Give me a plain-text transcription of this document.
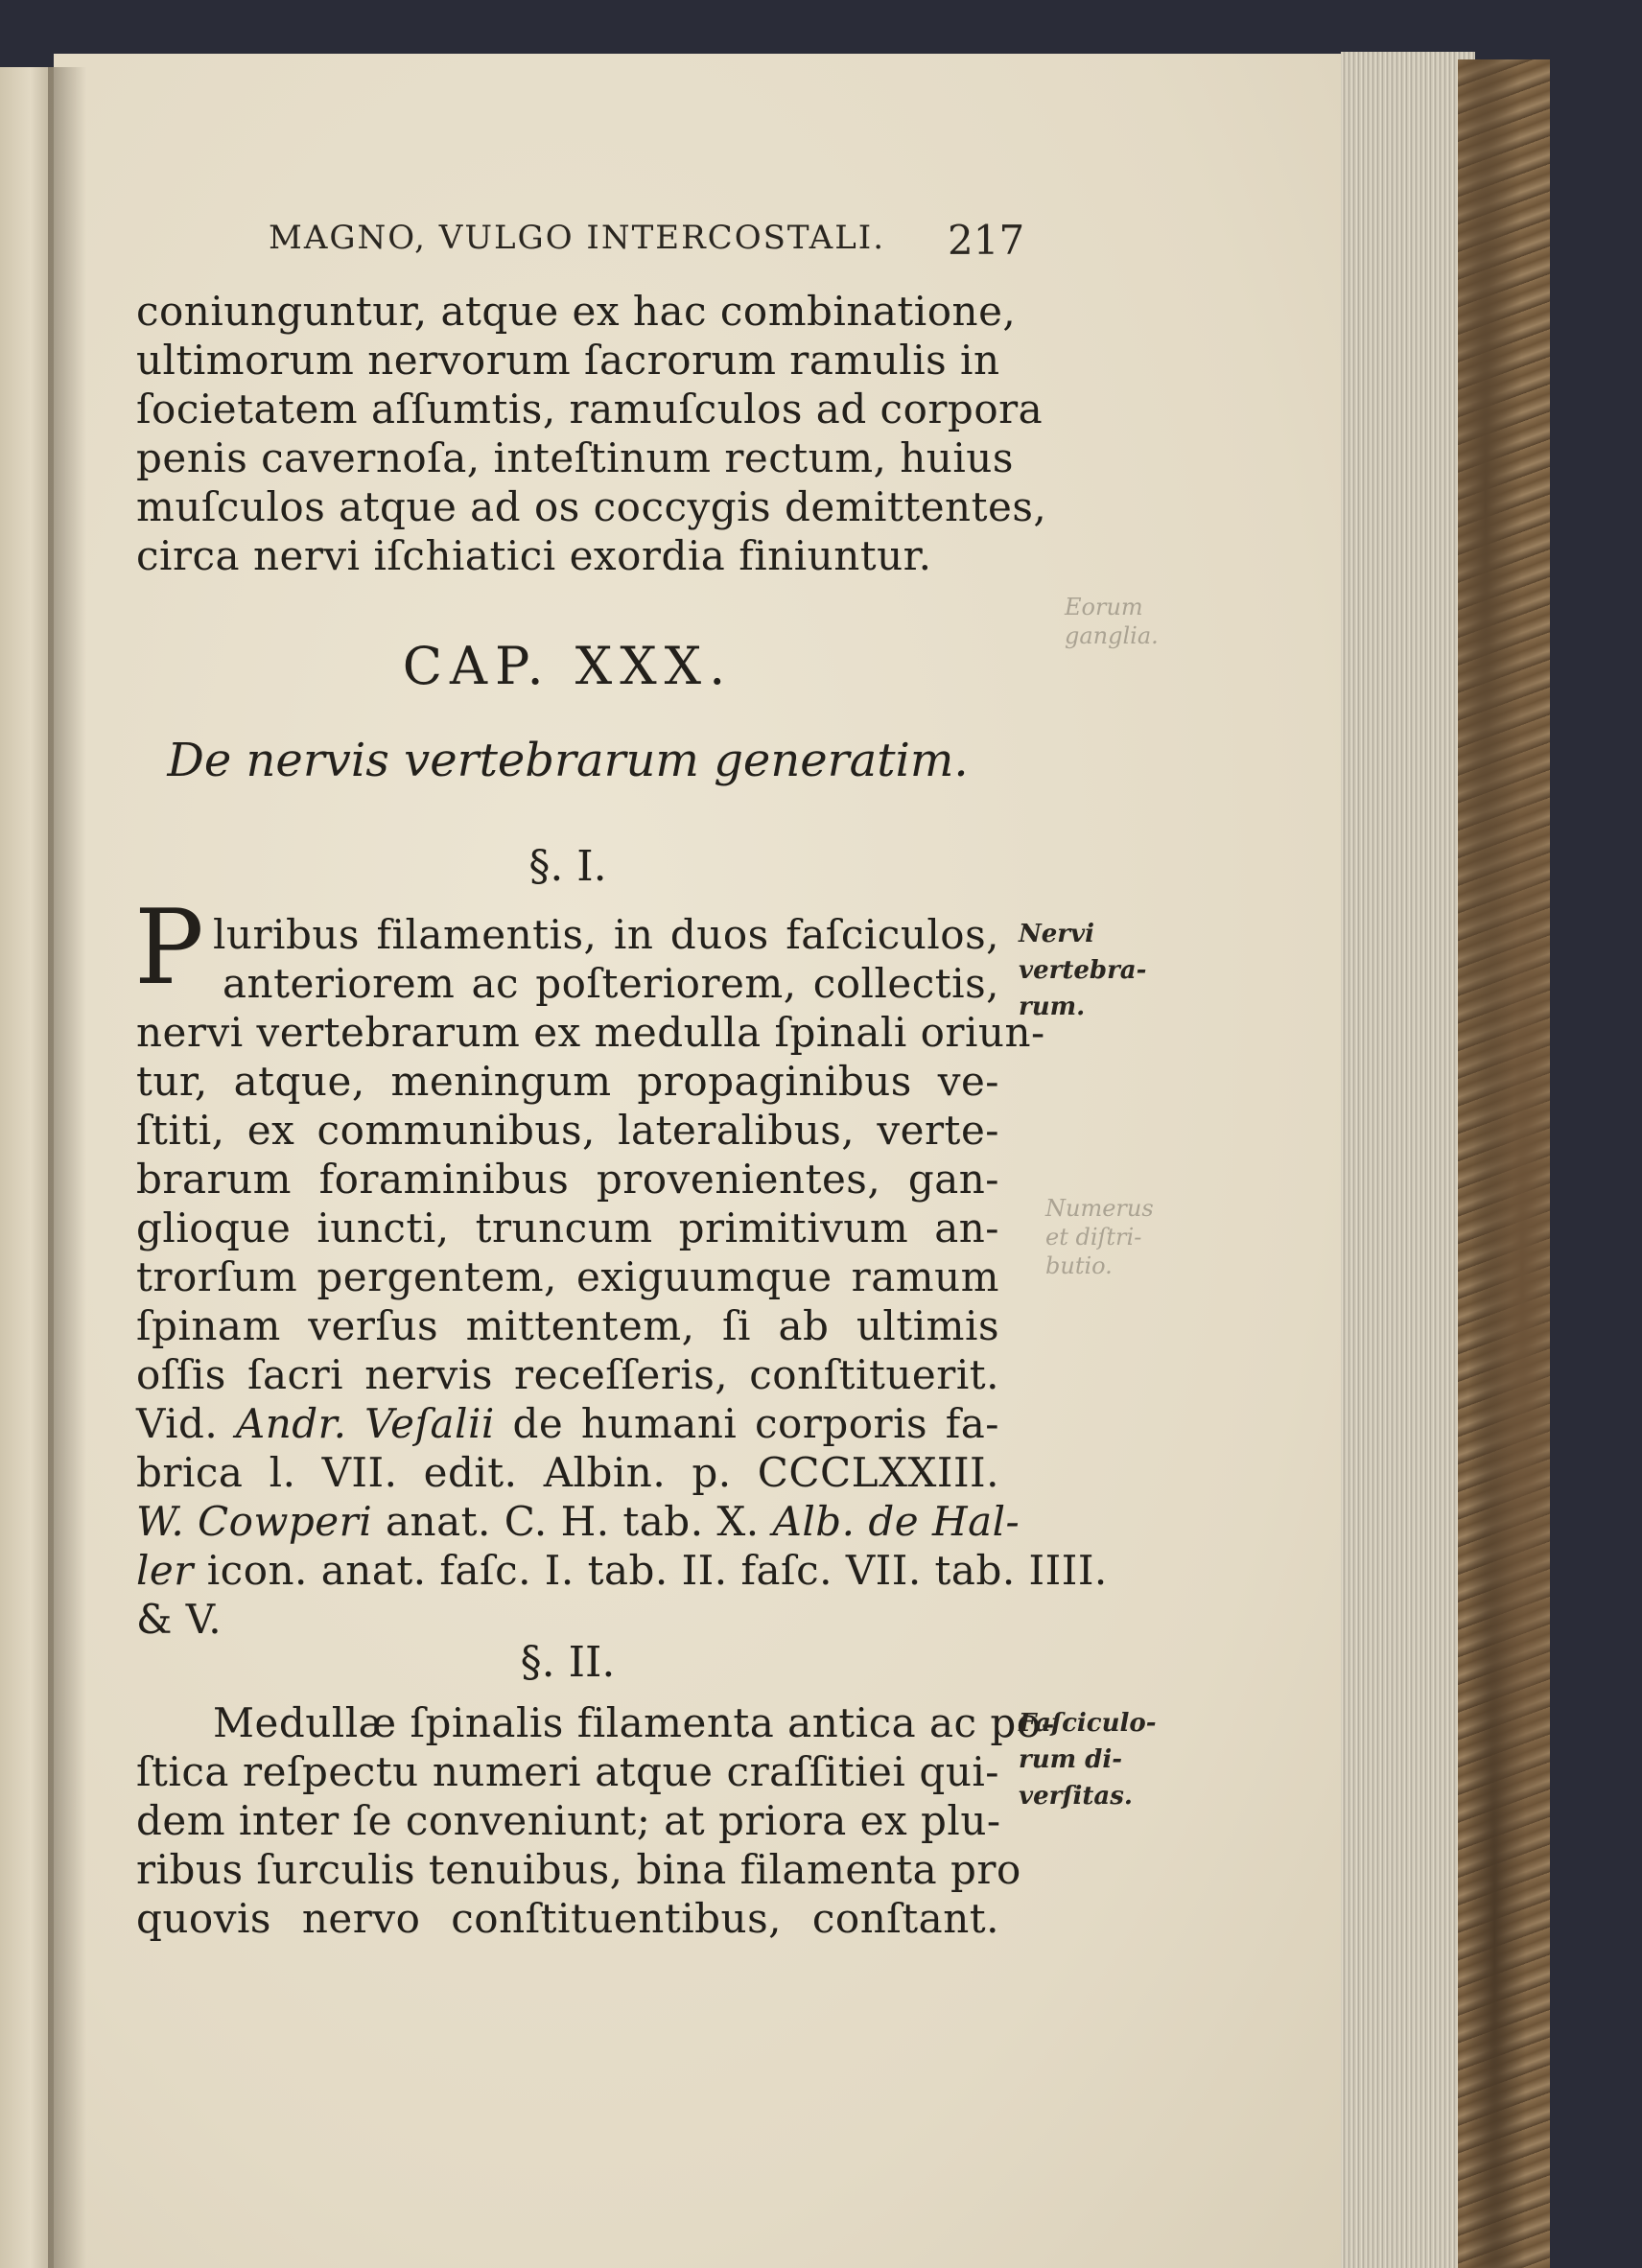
MAGNO, VULGO INTERCOSTALI.	217

coniunguntur, atque ex hac combinatione,

ultimorum nervorum ſacrorum ramulis in

ſocietatem aſſumtis, ramuſculos ad corpora

penis cavernoſa, inteſtinum rectum, huius

muſculos atque ad os coccygis demittentes,

circa nervi iſchiatici exordia finiuntur.

Eorum
ganglia.

CAP. XXX.

De nervis vertebrarum generatim.

§. I.

P luribus filamentis, in duos faſciculos,

anteriorem ac poſteriorem, collectis,

nervi vertebrarum ex medulla ſpinali oriun-

tur, atque, meningum propaginibus ve-

ſtiti, ex communibus, lateralibus, verte-

brarum foraminibus provenientes, gan-

glioque iuncti, truncum primitivum an-

trorſum pergentem, exiguumque ramum

ſpinam verſus mittentem, ſi ab ultimis

oſſis ſacri nervis receſſeris, conſtituerit.

Vid. Andr. Veſalii de humani corporis fa-

brica l. VII. edit. Albin. p. CCCLXXIII.

W. Cowperi anat. C. H. tab. X. Alb. de Hal-

ler icon. anat. faſc. I. tab. II. faſc. VII. tab. IIII.

& V.

Nervi
vertebra-
rum.
Numerus
et diſtri-
butio.

§. II.

Medullæ ſpinalis filamenta antica ac po-

ſtica reſpectu numeri atque craſſitiei qui-

dem inter ſe conveniunt; at priora ex plu-

ribus ſurculis tenuibus, bina filamenta pro

quovis nervo conſtituentibus, conſtant.

Faſciculo-
rum di-
verſitas.
